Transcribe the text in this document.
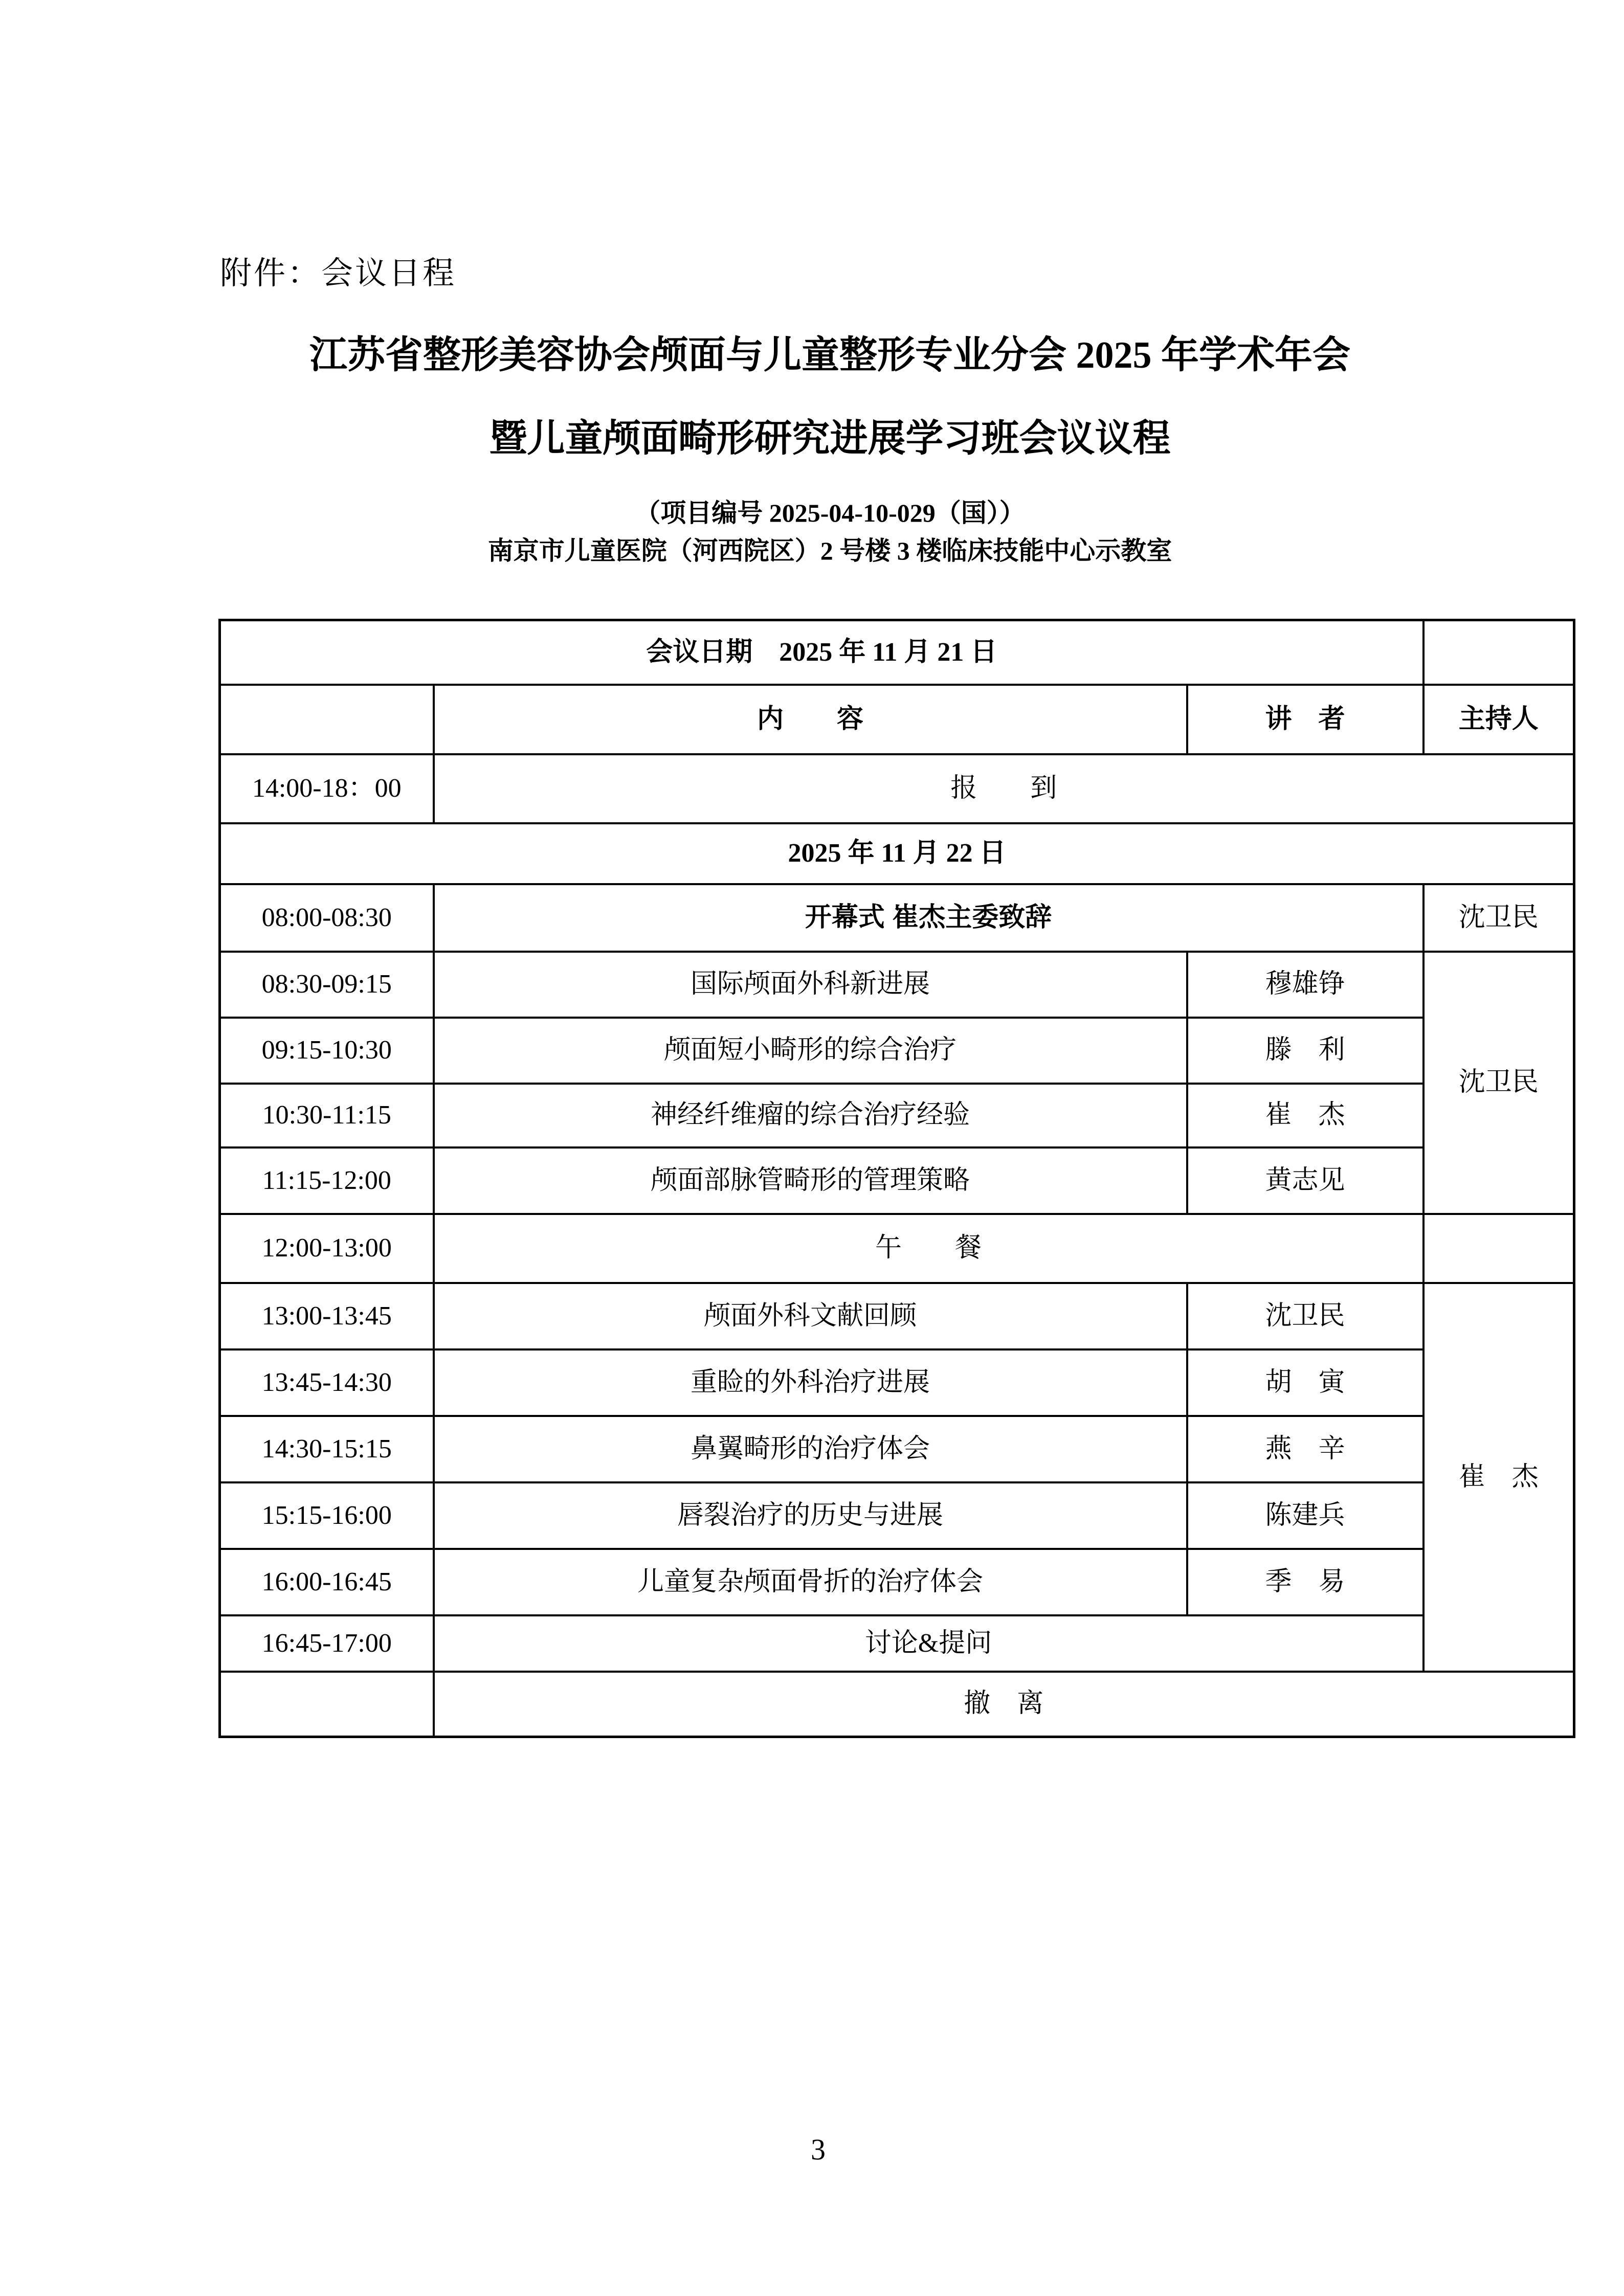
附件：会议日程
江苏省整形美容协会颅面与儿童整形专业分会 2025 年学术年会
暨儿童颅面畸形研究进展学习班会议议程
（项目编号 2025-04-10-029（国））
南京市儿童医院（河西院区）2 号楼 3 楼临床技能中心示教室
会议日期　2025 年 11 月 21 日			
	内　　容	讲　者	主持人
14:00-18：00	报　　到		
2025 年 11 月 22 日			
08:00-08:30	开幕式 崔杰主委致辞		沈卫民
08:30-09:15	国际颅面外科新进展	穆雄铮	沈卫民
09:15-10:30	颅面短小畸形的综合治疗	滕　利	
10:30-11:15	神经纤维瘤的综合治疗经验	崔　杰	
11:15-12:00	颅面部脉管畸形的管理策略	黄志见	
12:00-13:00	午　　餐		
13:00-13:45	颅面外科文献回顾	沈卫民	崔　杰
13:45-14:30	重睑的外科治疗进展	胡　寅	
14:30-15:15	鼻翼畸形的治疗体会	燕　辛	
15:15-16:00	唇裂治疗的历史与进展	陈建兵	
16:00-16:45	儿童复杂颅面骨折的治疗体会	季　易	
16:45-17:00	讨论&提问		
	撤　离		
3
